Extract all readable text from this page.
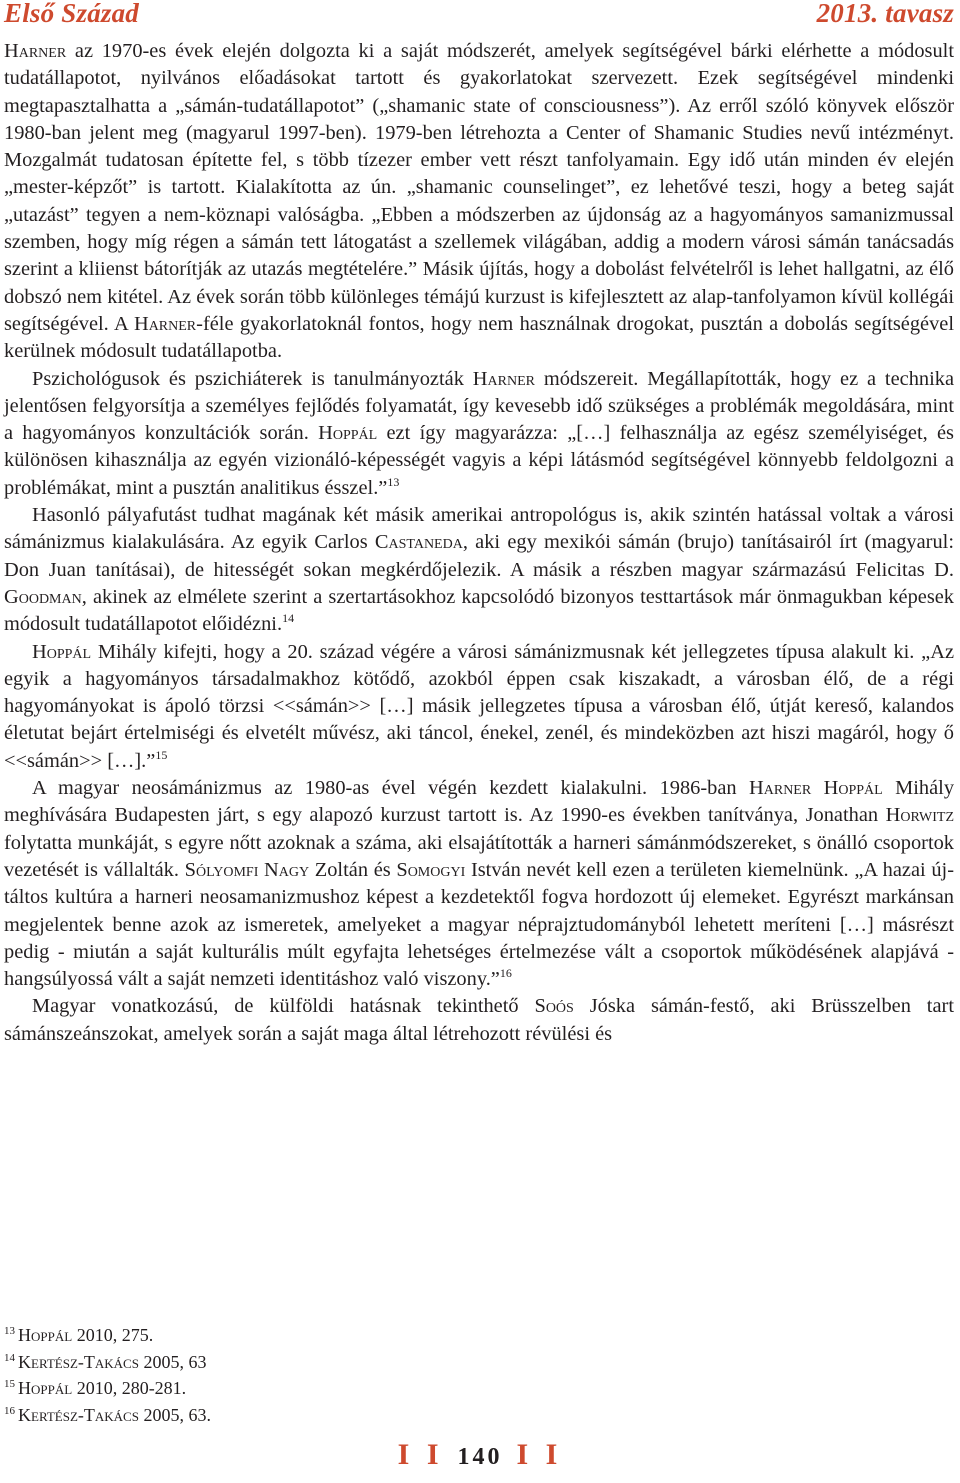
Első Század	2013. tavasz

Harner az 1970-es évek elején dolgozta ki a saját módszerét, amelyek segítségével bárki elérhette a módosult tudatállapotot, nyilvános előadásokat tartott és gyakorlatokat szervezett. Ezek segítségével mindenki megtapasztalhatta a „sámán-tudatállapotot” („shamanic state of consciousness”). Az erről szóló könyvek először 1980-ban jelent meg (magyarul 1997-ben). 1979-ben létrehozta a Center of Shamanic Studies nevű intézményt. Mozgalmát tudatosan építette fel, s több tízezer ember vett részt tanfolyamain. Egy idő után minden év elején „mester-képzőt” is tartott. Kialakította az ún. „shamanic counselinget”, ez lehetővé teszi, hogy a beteg saját „utazást” tegyen a nem-köznapi valóságba. „Ebben a módszerben az újdonság az a hagyományos samanizmussal szemben, hogy míg régen a sámán tett látogatást a szellemek világában, addig a modern városi sámán tanácsadás szerint a kliienst bátorítják az utazás megtételére.” Másik újítás, hogy a dobolást felvételről is lehet hallgatni, az élő dobszó nem kitétel. Az évek során több különleges témájú kurzust is kifejlesztett az alap-tanfolyamon kívül kollégái segítségével. A Harner-féle gyakorlatoknál fontos, hogy nem használnak drogokat, pusztán a dobolás segítségével kerülnek módosult tudatállapotba.

Pszichológusok és pszichiáterek is tanulmányozták Harner módszereit. Megállapították, hogy ez a technika jelentősen felgyorsítja a személyes fejlődés folyamatát, így kevesebb idő szükséges a problémák megoldására, mint a hagyományos konzultációk során. Hoppál ezt így magyarázza: „[…] felhasználja az egész személyiséget, és különösen kihasználja az egyén vizionáló-képességét vagyis a képi látásmód segítségével könnyebb feldolgozni a problémákat, mint a pusztán analitikus ésszel.”$^{13}$

Hasonló pályafutást tudhat magának két másik amerikai antropológus is, akik szintén hatással voltak a városi sámánizmus kialakulására. Az egyik Carlos Castaneda, aki egy mexikói sámán (brujo) tanításairól írt (magyarul: Don Juan tanításai), de hitességét sokan megkérdőjelezik. A másik a részben magyar származású Felicitas D. Goodman, akinek az elmélete szerint a szertartásokhoz kapcsolódó bizonyos testtartások már önmagukban képesek módosult tudatállapotot előidézni.$^{14}$

Hoppál Mihály kifejti, hogy a 20. század végére a városi sámánizmusnak két jellegzetes típusa alakult ki. „Az egyik a hagyományos társadalmakhoz kötődő, azokból éppen csak kiszakadt, a városban élő, de a régi hagyományokat is ápoló törzsi <<sámán>> […] másik jellegzetes típusa a városban élő, útját kereső, kalandos életutat bejárt értelmiségi és elvetélt művész, aki táncol, énekel, zenél, és mindeközben azt hiszi magáról, hogy ő <<sámán>> […].”$^{15}$

A magyar neosámánizmus az 1980-as ével végén kezdett kialakulni. 1986-ban Harner Hoppál Mihály meghívására Budapesten járt, s egy alapozó kurzust tartott is. Az 1990-es években tanítványa, Jonathan Horwitz folytatta munkáját, s egyre nőtt azoknak a száma, aki elsajátították a harneri sámánmódszereket, s önálló csoportok vezetését is vállalták. Sólyomfi Nagy Zoltán és Somogyi István nevét kell ezen a területen kiemelnünk. „A hazai új-táltos kultúra a harneri neosamanizmushoz képest a kezdetektől fogva hordozott új elemeket. Egyrészt markánsan megjelentek benne azok az ismeretek, amelyeket a magyar néprajztudományból lehetett meríteni […] másrészt pedig - miután a saját kulturális múlt egyfajta lehetséges értelmezése vált a csoportok működésének alapjává - hangsúlyossá vált a saját nemzeti identitáshoz való viszony.”$^{16}$

Magyar vonatkozású, de külföldi hatásnak tekinthető Soós Jóska sámán-festő, aki Brüsszelben tart sámánszeánszokat, amelyek során a saját maga által létrehozott révülési és

$^{13}$ Hoppál 2010, 275.
$^{14}$ Kertész-Takács 2005, 63
$^{15}$ Hoppál 2010, 280-281.
$^{16}$ Kertész-Takács 2005, 63.
I I 140 I I
